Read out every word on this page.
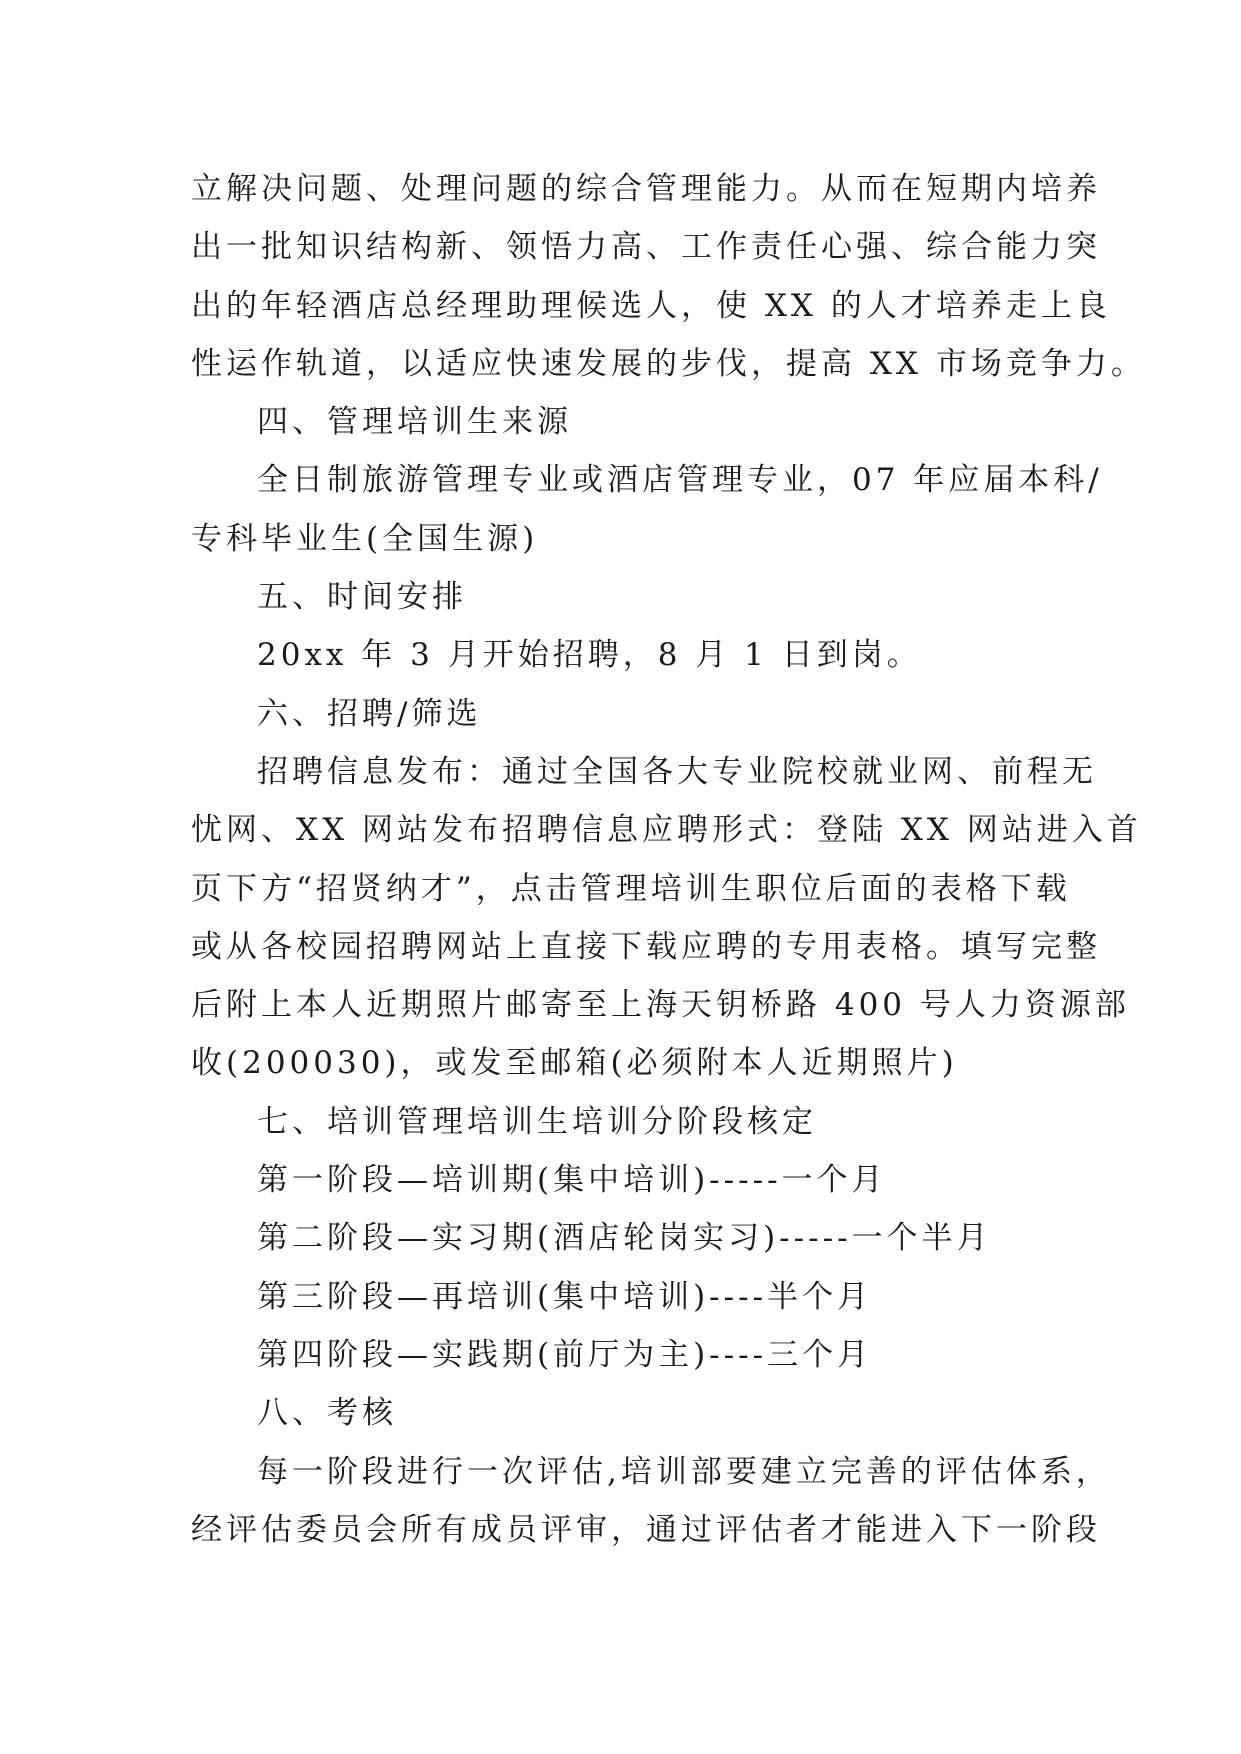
立解决问题、处理问题的综合管理能力。从而在短期内培养
出一批知识结构新、领悟力高、工作责任心强、综合能力突
出的年轻酒店总经理助理候选人，使 XX 的人才培养走上良
性运作轨道，以适应快速发展的步伐，提高 XX 市场竞争力。
四、管理培训生来源
全日制旅游管理专业或酒店管理专业，07 年应届本科/
专科毕业生(全国生源)
五、时间安排
20xx 年 3 月开始招聘，8 月 1 日到岗。
六、招聘/筛选
招聘信息发布：通过全国各大专业院校就业网、前程无
忧网、XX 网站发布招聘信息应聘形式：登陆 XX 网站进入首
页下方“招贤纳才”，点击管理培训生职位后面的表格下载
或从各校园招聘网站上直接下载应聘的专用表格。填写完整
后附上本人近期照片邮寄至上海天钥桥路 400 号人力资源部
收(200030)，或发至邮箱(必须附本人近期照片)
七、培训管理培训生培训分阶段核定
第一阶段—培训期(集中培训)-----一个月
第二阶段—实习期(酒店轮岗实习)-----一个半月
第三阶段—再培训(集中培训)----半个月
第四阶段—实践期(前厅为主)----三个月
八、考核
每一阶段进行一次评估,培训部要建立完善的评估体系，
经评估委员会所有成员评审，通过评估者才能进入下一阶段
